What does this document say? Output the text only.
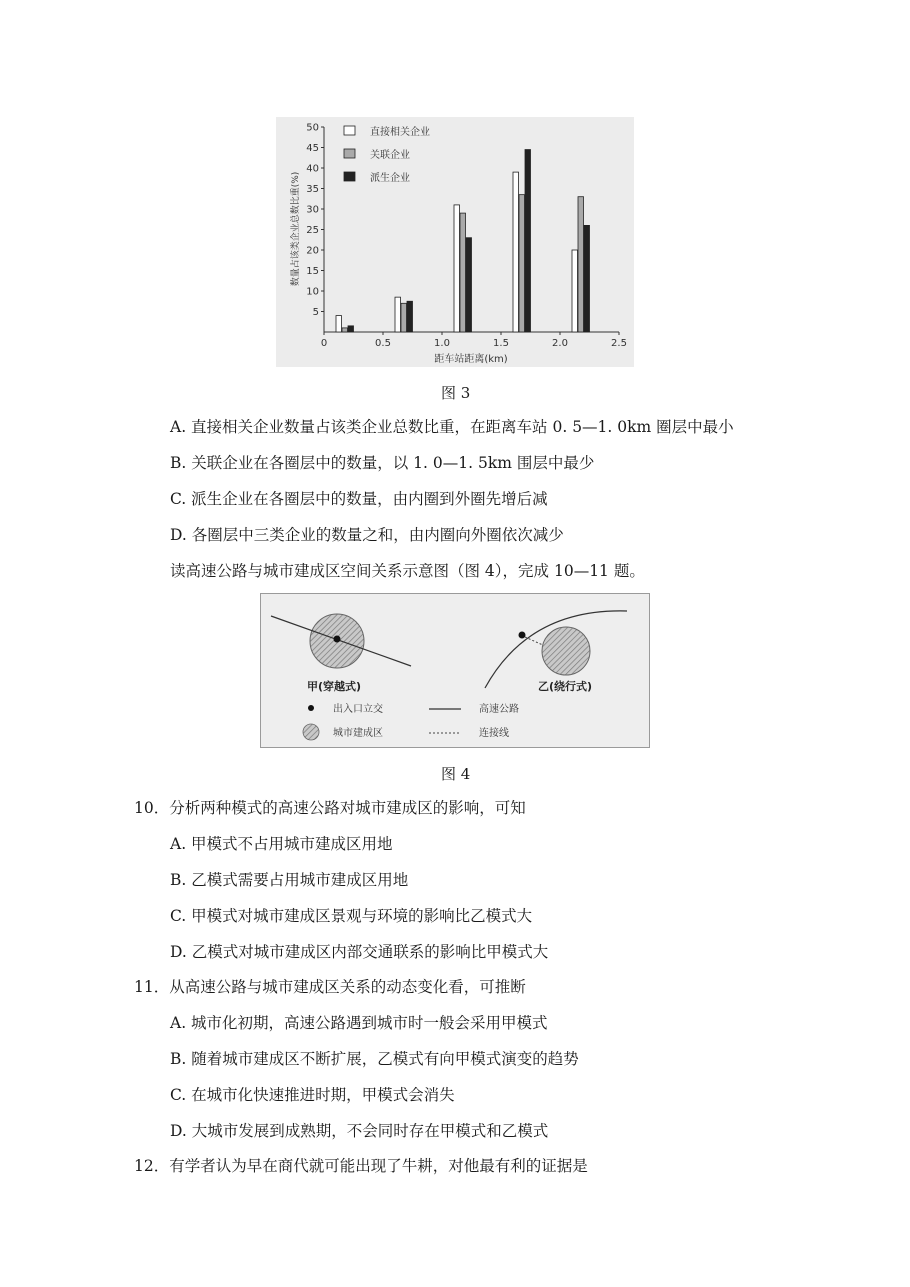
5
10
15
20
25
30
35
40
45
50
0	0.5	1.0	1.5	2.0	2.5
距车站距离(km)
数量占该类企业总数比重(%)
直接相关企业
关联企业
派生企业
图 3
A. 直接相关企业数量占该类企业总数比重，在距离车站 0. 5—1. 0km 圈层中最小
B. 关联企业在各圈层中的数量，以 1. 0—1. 5km 围层中最少
C. 派生企业在各圈层中的数量，由内圈到外圈先增后减
D. 各圈层中三类企业的数量之和，由内圈向外圈依次减少
读高速公路与城市建成区空间关系示意图（图 4），完成 10—11 题。
甲(穿越式)	乙(绕行式)
出入口立交	高速公路
城市建成区	连接线
图 4
10．分析两种模式的高速公路对城市建成区的影响，可知
A. 甲模式不占用城市建成区用地
B. 乙模式需要占用城市建成区用地
C. 甲模式对城市建成区景观与环境的影响比乙模式大
D. 乙模式对城市建成区内部交通联系的影响比甲模式大
11．从高速公路与城市建成区关系的动态变化看，可推断
A. 城市化初期，高速公路遇到城市时一般会采用甲模式
B. 随着城市建成区不断扩展，乙模式有向甲模式演变的趋势
C. 在城市化快速推进时期，甲模式会消失
D. 大城市发展到成熟期，不会同时存在甲模式和乙模式
12．有学者认为早在商代就可能出现了牛耕，对他最有利的证据是
